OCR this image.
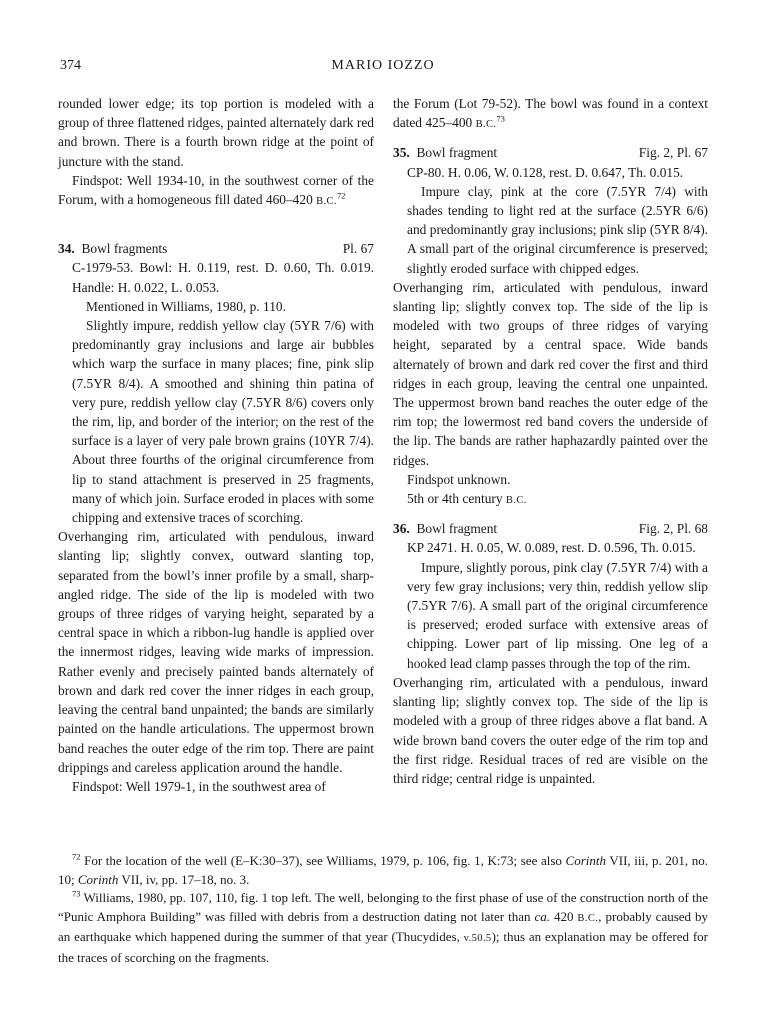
374	MARIO IOZZO

rounded lower edge; its top portion is modeled with a group of three flattened ridges, painted alternately dark red and brown. There is a fourth brown ridge at the point of juncture with the stand.

Findspot: Well 1934-10, in the southwest corner of the Forum, with a homogeneous fill dated 460–420 B.C.$^{72}$

34. Bowl fragments	Pl. 67

C-1979-53. Bowl: H. 0.119, rest. D. 0.60, Th. 0.019. Handle: H. 0.022, L. 0.053.

Mentioned in Williams, 1980, p. 110.

Slightly impure, reddish yellow clay (5YR 7/6) with predominantly gray inclusions and large air bubbles which warp the surface in many places; fine, pink slip (7.5YR 8/4). A smoothed and shining thin patina of very pure, reddish yellow clay (7.5YR 8/6) covers only the rim, lip, and border of the interior; on the rest of the surface is a layer of very pale brown grains (10YR 7/4). About three fourths of the original circumference from lip to stand attachment is preserved in 25 fragments, many of which join. Surface eroded in places with some chipping and extensive traces of scorching.

Overhanging rim, articulated with pendulous, inward slanting lip; slightly convex, outward slanting top, separated from the bowl’s inner profile by a small, sharp-angled ridge. The side of the lip is modeled with two groups of three ridges of varying height, separated by a central space in which a ribbon-lug handle is applied over the innermost ridges, leaving wide marks of impression. Rather evenly and precisely painted bands alternately of brown and dark red cover the inner ridges in each group, leaving the central band unpainted; the bands are similarly painted on the handle articulations. The uppermost brown band reaches the outer edge of the rim top. There are paint drippings and careless application around the handle.

Findspot: Well 1979-1, in the southwest area of

the Forum (Lot 79-52). The bowl was found in a context dated 425–400 B.C.$^{73}$

35. Bowl fragment	Fig. 2, Pl. 67

CP-80. H. 0.06, W. 0.128, rest. D. 0.647, Th. 0.015.

Impure clay, pink at the core (7.5YR 7/4) with shades tending to light red at the surface (2.5YR 6/6) and predominantly gray inclusions; pink slip (5YR 8/4). A small part of the original circumference is preserved; slightly eroded surface with chipped edges.

Overhanging rim, articulated with pendulous, inward slanting lip; slightly convex top. The side of the lip is modeled with two groups of three ridges of varying height, separated by a central space. Wide bands alternately of brown and dark red cover the first and third ridges in each group, leaving the central one unpainted. The uppermost brown band reaches the outer edge of the rim top; the lowermost red band covers the underside of the lip. The bands are rather haphazardly painted over the ridges.

Findspot unknown.

5th or 4th century B.C.

36. Bowl fragment	Fig. 2, Pl. 68

KP 2471. H. 0.05, W. 0.089, rest. D. 0.596, Th. 0.015.

Impure, slightly porous, pink clay (7.5YR 7/4) with a very few gray inclusions; very thin, reddish yellow slip (7.5YR 7/6). A small part of the original circumference is preserved; eroded surface with extensive areas of chipping. Lower part of lip missing. One leg of a hooked lead clamp passes through the top of the rim.

Overhanging rim, articulated with a pendulous, inward slanting lip; slightly convex top. The side of the lip is modeled with a group of three ridges above a flat band. A wide brown band covers the outer edge of the rim top and the first ridge. Residual traces of red are visible on the third ridge; central ridge is unpainted.

$^{72}$ For the location of the well (E–K:30–37), see Williams, 1979, p. 106, fig. 1, K:73; see also Corinth VII, iii, p. 201, no. 10; Corinth VII, iv, pp. 17–18, no. 3.

$^{73}$ Williams, 1980, pp. 107, 110, fig. 1 top left. The well, belonging to the first phase of use of the construction north of the “Punic Amphora Building” was filled with debris from a destruction dating not later than ca. 420 B.C., probably caused by an earthquake which happened during the summer of that year (Thucydides, v.50.5); thus an explanation may be offered for the traces of scorching on the fragments.
